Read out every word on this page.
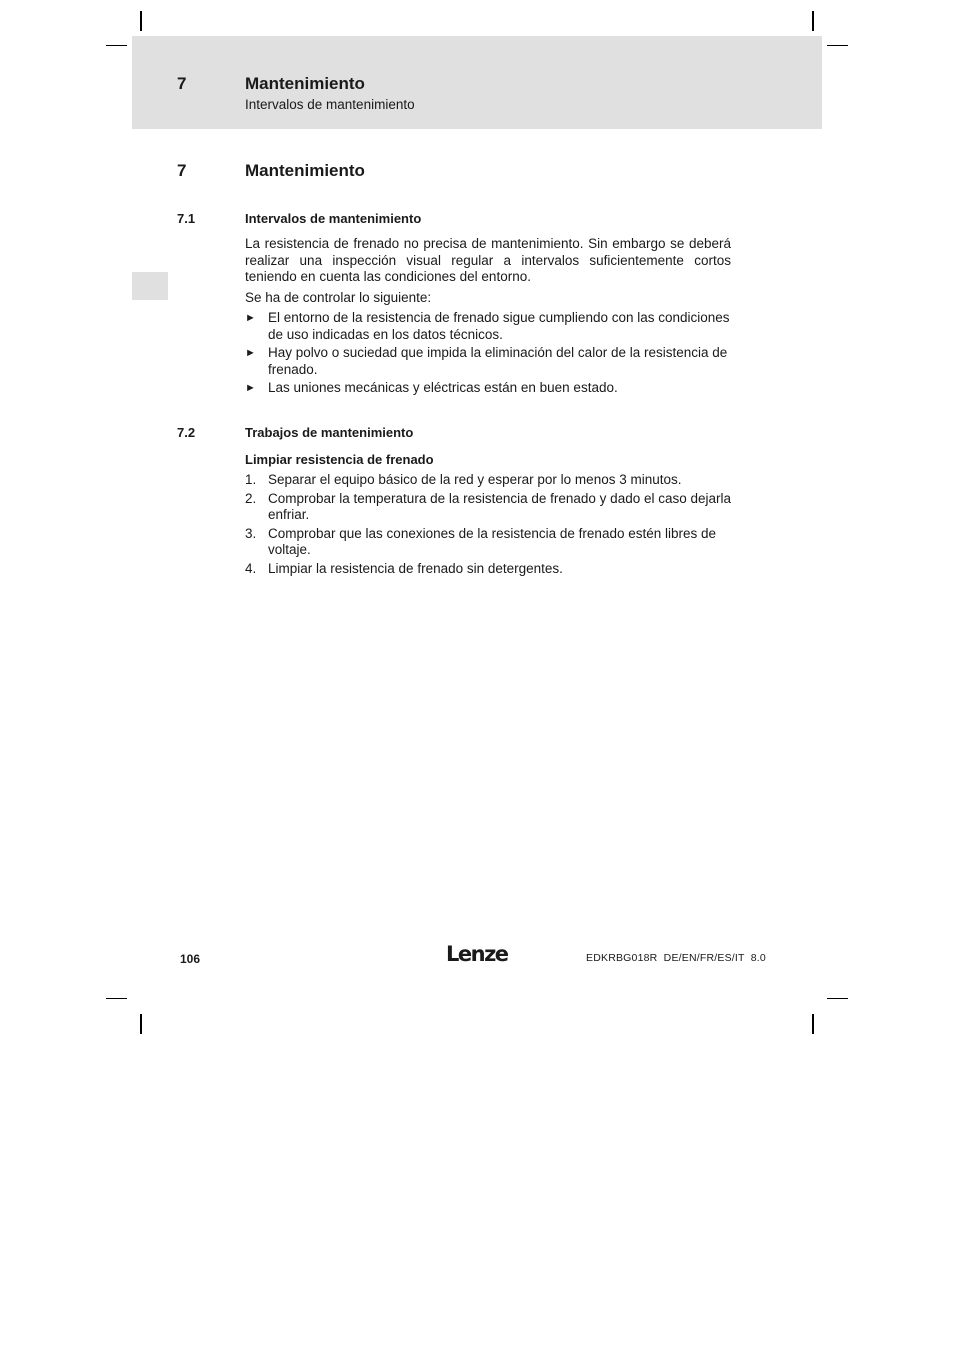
7	Mantenimiento
Intervalos de mantenimiento
7	Mantenimiento
7.1	Intervalos de mantenimiento

La resistencia de frenado no precisa de mantenimiento. Sin embargo se deberá realizar una inspección visual regular a intervalos suficientemente cortos teniendo en cuenta las condiciones del entorno.

Se ha de controlar lo siguiente:

► El entorno de la resistencia de frenado sigue cumpliendo con las condiciones de uso indicadas en los datos técnicos.
► Hay polvo o suciedad que impida la eliminación del calor de la resistencia de frenado.
► Las uniones mecánicas y eléctricas están en buen estado.
7.2	Trabajos de mantenimiento
Limpiar resistencia de frenado
1. Separar el equipo básico de la red y esperar por lo menos 3 minutos.
2. Comprobar la temperatura de la resistencia de frenado y dado el caso dejarla enfriar.
3. Comprobar que las conexiones de la resistencia de frenado estén libres de voltaje.
4. Limpiar la resistencia de frenado sin detergentes.
106	Lenze	EDKRBG018R  DE/EN/FR/ES/IT  8.0
